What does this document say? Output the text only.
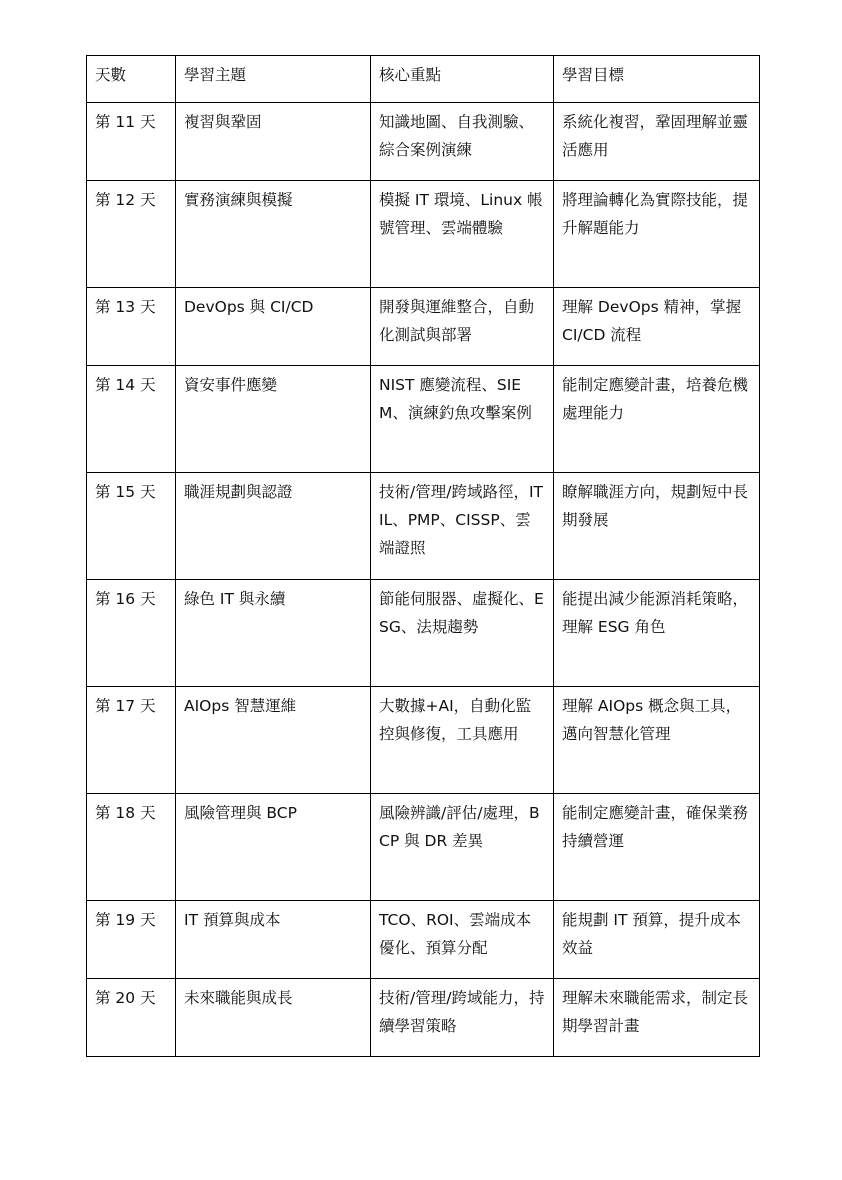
天數	學習主題	核心重點	學習目標
第 11 天	複習與鞏固	知識地圖、自我測驗、綜合案例演練	系統化複習，鞏固理解並靈活應用
第 12 天	實務演練與模擬	模擬 IT 環境、Linux 帳號管理、雲端體驗	將理論轉化為實際技能，提升解題能力
第 13 天	DevOps 與 CI/CD	開發與運維整合，自動化測試與部署	理解 DevOps 精神，掌握 CI/CD 流程
第 14 天	資安事件應變	NIST 應變流程、SIEM、演練釣魚攻擊案例	能制定應變計畫，培養危機處理能力
第 15 天	職涯規劃與認證	技術/管理/跨域路徑，ITIL、PMP、CISSP、雲端證照	瞭解職涯方向，規劃短中長期發展
第 16 天	綠色 IT 與永續	節能伺服器、虛擬化、ESG、法規趨勢	能提出減少能源消耗策略，理解 ESG 角色
第 17 天	AIOps 智慧運維	大數據+AI，自動化監控與修復，工具應用	理解 AIOps 概念與工具，邁向智慧化管理
第 18 天	風險管理與 BCP	風險辨識/評估/處理，BCP 與 DR 差異	能制定應變計畫，確保業務持續營運
第 19 天	IT 預算與成本	TCO、ROI、雲端成本優化、預算分配	能規劃 IT 預算，提升成本效益
第 20 天	未來職能與成長	技術/管理/跨域能力，持續學習策略	理解未來職能需求，制定長期學習計畫
